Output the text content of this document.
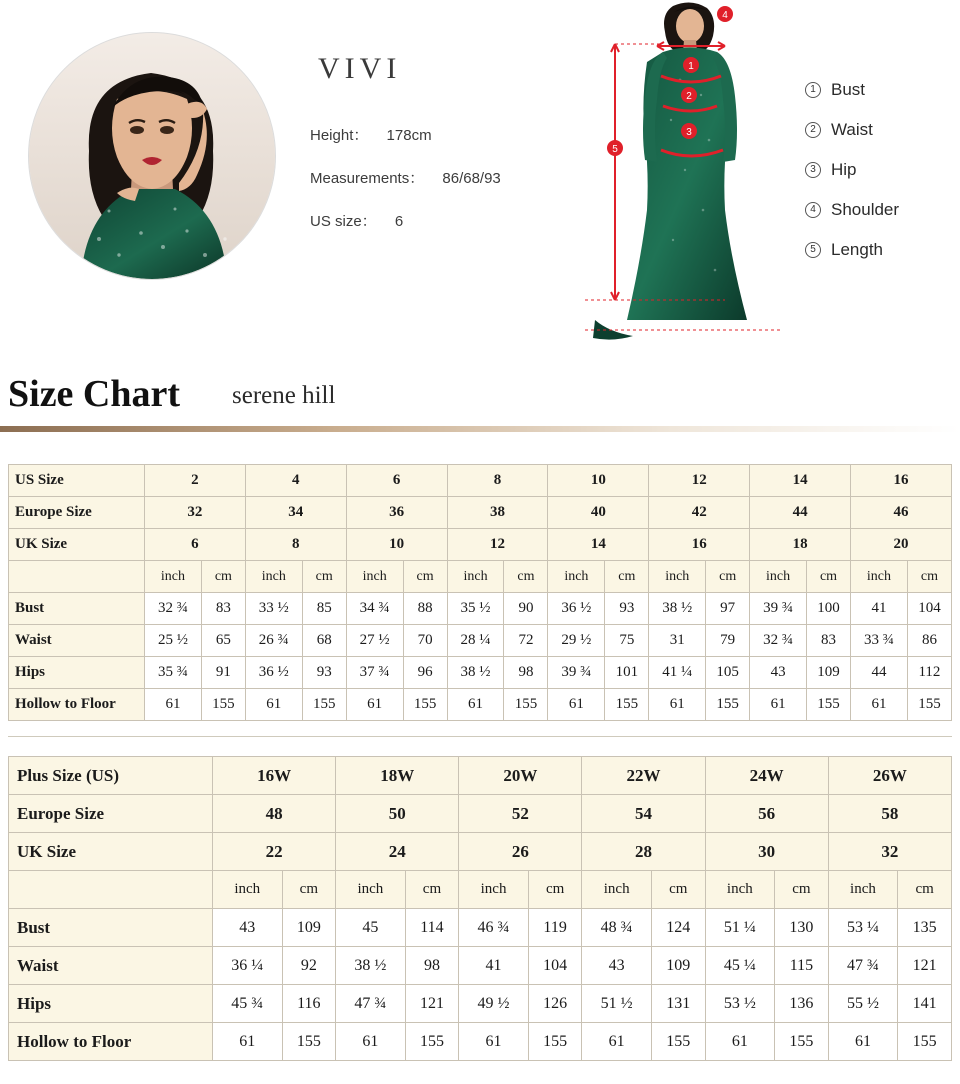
VIVI
Height： 178cm
Measurements： 86/68/93
US size： 6
1
2
3
4
5
1 Bust
2 Waist
3 Hip
4 Shoulder
5 Length
Size Chart serene hill
US Size	2		4		6		8		10		12		14		16	
Europe Size	32		34		36		38		40		42		44		46	
UK Size	6		8		10		12		14		16		18		20	
	inch	cm	inch	cm	inch	cm	inch	cm	inch	cm	inch	cm	inch	cm	inch	cm
Bust	32 ¾	83	33 ½	85	34 ¾	88	35 ½	90	36 ½	93	38 ½	97	39 ¾	100	41	104
Waist	25 ½	65	26 ¾	68	27 ½	70	28 ¼	72	29 ½	75	31	79	32 ¾	83	33 ¾	86
Hips	35 ¾	91	36 ½	93	37 ¾	96	38 ½	98	39 ¾	101	41 ¼	105	43	109	44	112
Hollow to Floor	61	155	61	155	61	155	61	155	61	155	61	155	61	155	61	155
Plus Size (US)	16W		18W		20W		22W		24W		26W	
Europe Size	48		50		52		54		56		58	
UK Size	22		24		26		28		30		32	
	inch	cm	inch	cm	inch	cm	inch	cm	inch	cm	inch	cm
Bust	43	109	45	114	46 ¾	119	48 ¾	124	51 ¼	130	53 ¼	135
Waist	36 ¼	92	38 ½	98	41	104	43	109	45 ¼	115	47 ¾	121
Hips	45 ¾	116	47 ¾	121	49 ½	126	51 ½	131	53 ½	136	55 ½	141
Hollow to Floor	61	155	61	155	61	155	61	155	61	155	61	155
